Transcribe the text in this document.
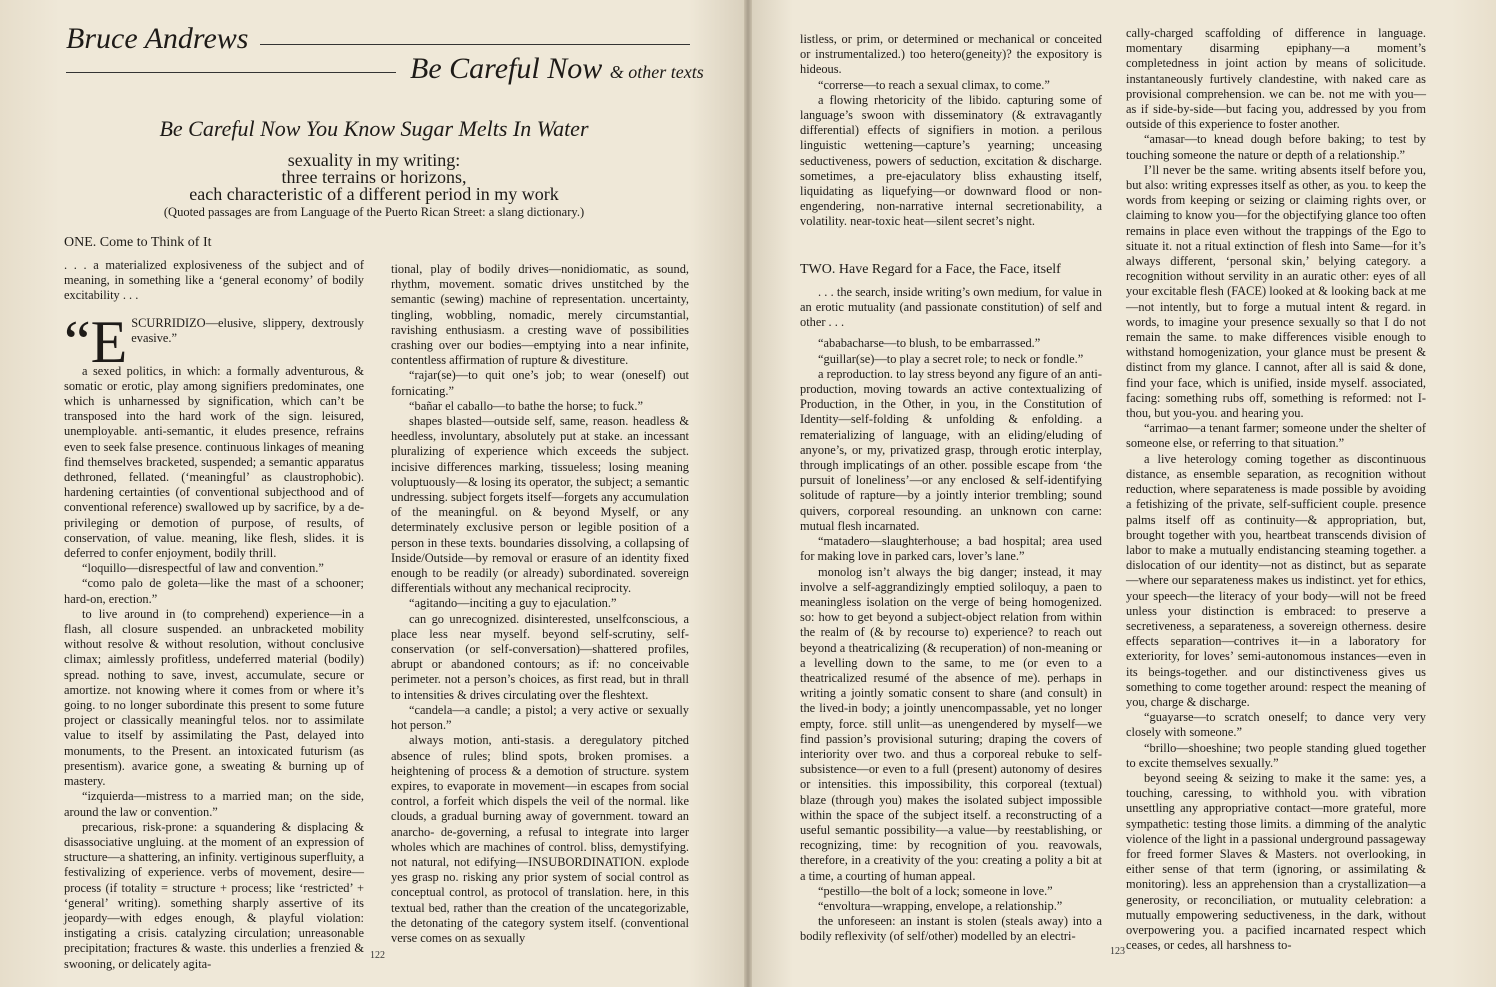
Bruce Andrews
Be Careful Now & other texts
Be Careful Now You Know Sugar Melts In Water
sexuality in my writing:
three terrains or horizons,
each characteristic of a different period in my work
(Quoted passages are from Language of the Puerto Rican Street: a slang dictionary.)
ONE. Come to Think of It

. . . a materialized explosiveness of the subject and of meaning, in something like a ‘general economy’ of bodily excitability . . .

“E SCURRIDIZO—elusive, slippery, dextrously evasive.”

a sexed politics, in which: a formally adventurous, & somatic or erotic, play among signifiers predominates, one which is unharnessed by signification, which can’t be transposed into the hard work of the sign. leisured, unemployable. anti-semantic, it eludes presence, refrains even to seek false presence. continuous linkages of meaning find themselves bracketed, suspended; a semantic apparatus dethroned, fellated. (‘meaningful’ as claustrophobic). hardening certainties (of conventional subjecthood and of conventional reference) swallowed up by sacrifice, by a de-privileging or demotion of purpose, of results, of conservation, of value. meaning, like flesh, slides. it is deferred to confer enjoyment, bodily thrill.

“loquillo—disrespectful of law and convention.”

“como palo de goleta—like the mast of a schooner; hard-on, erection.”

to live around in (to comprehend) experience—in a flash, all closure suspended. an unbracketed mobility without resolve & without resolution, without conclusive climax; aimlessly profitless, undeferred material (bodily) spread. nothing to save, invest, accumulate, secure or amortize. not knowing where it comes from or where it’s going. to no longer subordinate this present to some future project or classically meaningful telos. nor to assimilate value to itself by assimilating the Past, delayed into monuments, to the Present. an intoxicated futurism (as presentism). avarice gone, a sweating & burning up of mastery.

“izquierda—mistress to a married man; on the side, around the law or convention.”

precarious, risk-prone: a squandering & displacing & disassociative ungluing. at the moment of an expression of structure—a shattering, an infinity. vertiginous superfluity, a festivalizing of experience. verbs of movement, desire—process (if totality = structure + process; like ‘restricted’ + ‘general’ writing). something sharply assertive of its jeopardy—with edges enough, & playful violation: instigating a crisis. catalyzing circulation; unreasonable precipitation; fractures & waste. this underlies a frenzied & swooning, or delicately agita-

tional, play of bodily drives—nonidiomatic, as sound, rhythm, movement. somatic drives unstitched by the semantic (sewing) machine of representation. uncertainty, tingling, wobbling, nomadic, merely circumstantial, ravishing enthusiasm. a cresting wave of possibilities crashing over our bodies—emptying into a near infinite, contentless affirmation of rupture & divestiture.

“rajar(se)—to quit one’s job; to wear (oneself) out fornicating.”

“bañar el caballo—to bathe the horse; to fuck.”

shapes blasted—outside self, same, reason. headless & heedless, involuntary, absolutely put at stake. an incessant pluralizing of experience which exceeds the subject. incisive differences marking, tissueless; losing meaning voluptuously—& losing its operator, the subject; a semantic undressing. subject forgets itself—forgets any accumulation of the meaningful. on & beyond Myself, or any determinately exclusive person or legible position of a person in these texts. boundaries dissolving, a collapsing of Inside/Outside—by removal or erasure of an identity fixed enough to be readily (or already) subordinated. sovereign differentials without any mechanical reciprocity.

“agitando—inciting a guy to ejaculation.”

can go unrecognized. disinterested, unselfconscious, a place less near myself. beyond self-scrutiny, self-conservation (or self-conversation)—shattered profiles, abrupt or abandoned contours; as if: no conceivable perimeter. not a person’s choices, as first read, but in thrall to intensities & drives circulating over the fleshtext.

“candela—a candle; a pistol; a very active or sexually hot person.”

always motion, anti-stasis. a deregulatory pitched absence of rules; blind spots, broken promises. a heightening of process & a demotion of structure. system expires, to evaporate in movement—in escapes from social control, a forfeit which dispels the veil of the normal. like clouds, a gradual burning away of government. toward an anarcho- de-governing, a refusal to integrate into larger wholes which are machines of control. bliss, demystifying. not natural, not edifying—INSUBORDINATION. explode yes grasp no. risking any prior system of social control as conceptual control, as protocol of translation. here, in this textual bed, rather than the creation of the uncategorizable, the detonating of the category system itself. (conventional verse comes on as sexually

122

listless, or prim, or determined or mechanical or conceited or instrumentalized.) too hetero(geneity)? the expository is hideous.

“correrse—to reach a sexual climax, to come.”

a flowing rhetoricity of the libido. capturing some of language’s swoon with disseminatory (& extravagantly differential) effects of signifiers in motion. a perilous linguistic wettening—capture’s yearning; unceasing seductiveness, powers of seduction, excitation & discharge. sometimes, a pre-ejaculatory bliss exhausting itself, liquidating as liquefying—or downward flood or non-engendering, non-narrative internal secretionability, a volatility. near-toxic heat—silent secret’s night.

TWO. Have Regard for a Face, the Face, itself

. . . the search, inside writing’s own medium, for value in an erotic mutuality (and passionate constitution) of self and other . . .

“ababacharse—to blush, to be embarrassed.”

“guillar(se)—to play a secret role; to neck or fondle.”

a reproduction. to lay stress beyond any figure of an anti-production, moving towards an active contextualizing of Production, in the Other, in you, in the Constitution of Identity—self-folding & unfolding & enfolding. a rematerializing of language, with an eliding/eluding of anyone’s, or my, privatized grasp, through erotic interplay, through implicatings of an other. possible escape from ‘the pursuit of loneliness’—or any enclosed & self-identifying solitude of rapture—by a jointly interior trembling; sound quivers, corporeal resounding. an unknown con carne: mutual flesh incarnated.

“matadero—slaughterhouse; a bad hospital; area used for making love in parked cars, lover’s lane.”

monolog isn’t always the big danger; instead, it may involve a self-aggrandizingly emptied soliloquy, a paen to meaningless isolation on the verge of being homogenized. so: how to get beyond a subject-object relation from within the realm of (& by recourse to) experience? to reach out beyond a theatricalizing (& recuperation) of non-meaning or a levelling down to the same, to me (or even to a theatricalized resumé of the absence of me). perhaps in writing a jointly somatic consent to share (and consult) in the lived-in body; a jointly unencompassable, yet no longer empty, force. still unlit—as unengendered by myself—we find passion’s provisional suturing; draping the covers of interiority over two. and thus a corporeal rebuke to self-subsistence—or even to a full (present) autonomy of desires or intensities. this impossibility, this corporeal (textual) blaze (through you) makes the isolated subject impossible within the space of the subject itself. a reconstructing of a useful semantic possibility—a value—by reestablishing, or recognizing, time: by recognition of you. reavowals, therefore, in a creativity of the you: creating a polity a bit at a time, a courting of human appeal.

“pestillo—the bolt of a lock; someone in love.”

“envoltura—wrapping, envelope, a relationship.”

the unforeseen: an instant is stolen (steals away) into a bodily reflexivity (of self/other) modelled by an electri-

cally-charged scaffolding of difference in language. momentary disarming epiphany—a moment’s completedness in joint action by means of solicitude. instantaneously furtively clandestine, with naked care as provisional comprehension. we can be. not me with you—as if side-by-side—but facing you, addressed by you from outside of this experience to foster another.

“amasar—to knead dough before baking; to test by touching someone the nature or depth of a relationship.”

I’ll never be the same. writing absents itself before you, but also: writing expresses itself as other, as you. to keep the words from keeping or seizing or claiming rights over, or claiming to know you—for the objectifying glance too often remains in place even without the trappings of the Ego to situate it. not a ritual extinction of flesh into Same—for it’s always different, ‘personal skin,’ belying category. a recognition without servility in an auratic other: eyes of all your excitable flesh (FACE) looked at & looking back at me—not intently, but to forge a mutual intent & regard. in words, to imagine your presence sexually so that I do not remain the same. to make differences visible enough to withstand homogenization, your glance must be present & distinct from my glance. I cannot, after all is said & done, find your face, which is unified, inside myself. associated, facing: something rubs off, something is reformed: not I-thou, but you-you. and hearing you.

“arrimao—a tenant farmer; someone under the shelter of someone else, or referring to that situation.”

a live heterology coming together as discontinuous distance, as ensemble separation, as recognition without reduction, where separateness is made possible by avoiding a fetishizing of the private, self-sufficient couple. presence palms itself off as continuity—& appropriation, but, brought together with you, heartbeat transcends division of labor to make a mutually endistancing steaming together. a dislocation of our identity—not as distinct, but as separate—where our separateness makes us indistinct. yet for ethics, your speech—the literacy of your body—will not be freed unless your distinction is embraced: to preserve a secretiveness, a separateness, a sovereign otherness. desire effects separation—contrives it—in a laboratory for exteriority, for loves’ semi-autonomous instances—even in its beings-together. and our distinctiveness gives us something to come together around: respect the meaning of you, charge & discharge.

“guayarse—to scratch oneself; to dance very very closely with someone.”

“brillo—shoeshine; two people standing glued together to excite themselves sexually.”

beyond seeing & seizing to make it the same: yes, a touching, caressing, to withhold you. with vibration unsettling any appropriative contact—more grateful, more sympathetic: testing those limits. a dimming of the analytic violence of the light in a passional underground passageway for freed former Slaves & Masters. not overlooking, in either sense of that term (ignoring, or assimilating & monitoring). less an apprehension than a crystallization—a generosity, or reconciliation, or mutuality celebration: a mutually empowering seductiveness, in the dark, without overpowering you. a pacified incarnated respect which ceases, or cedes, all harshness to-

123
